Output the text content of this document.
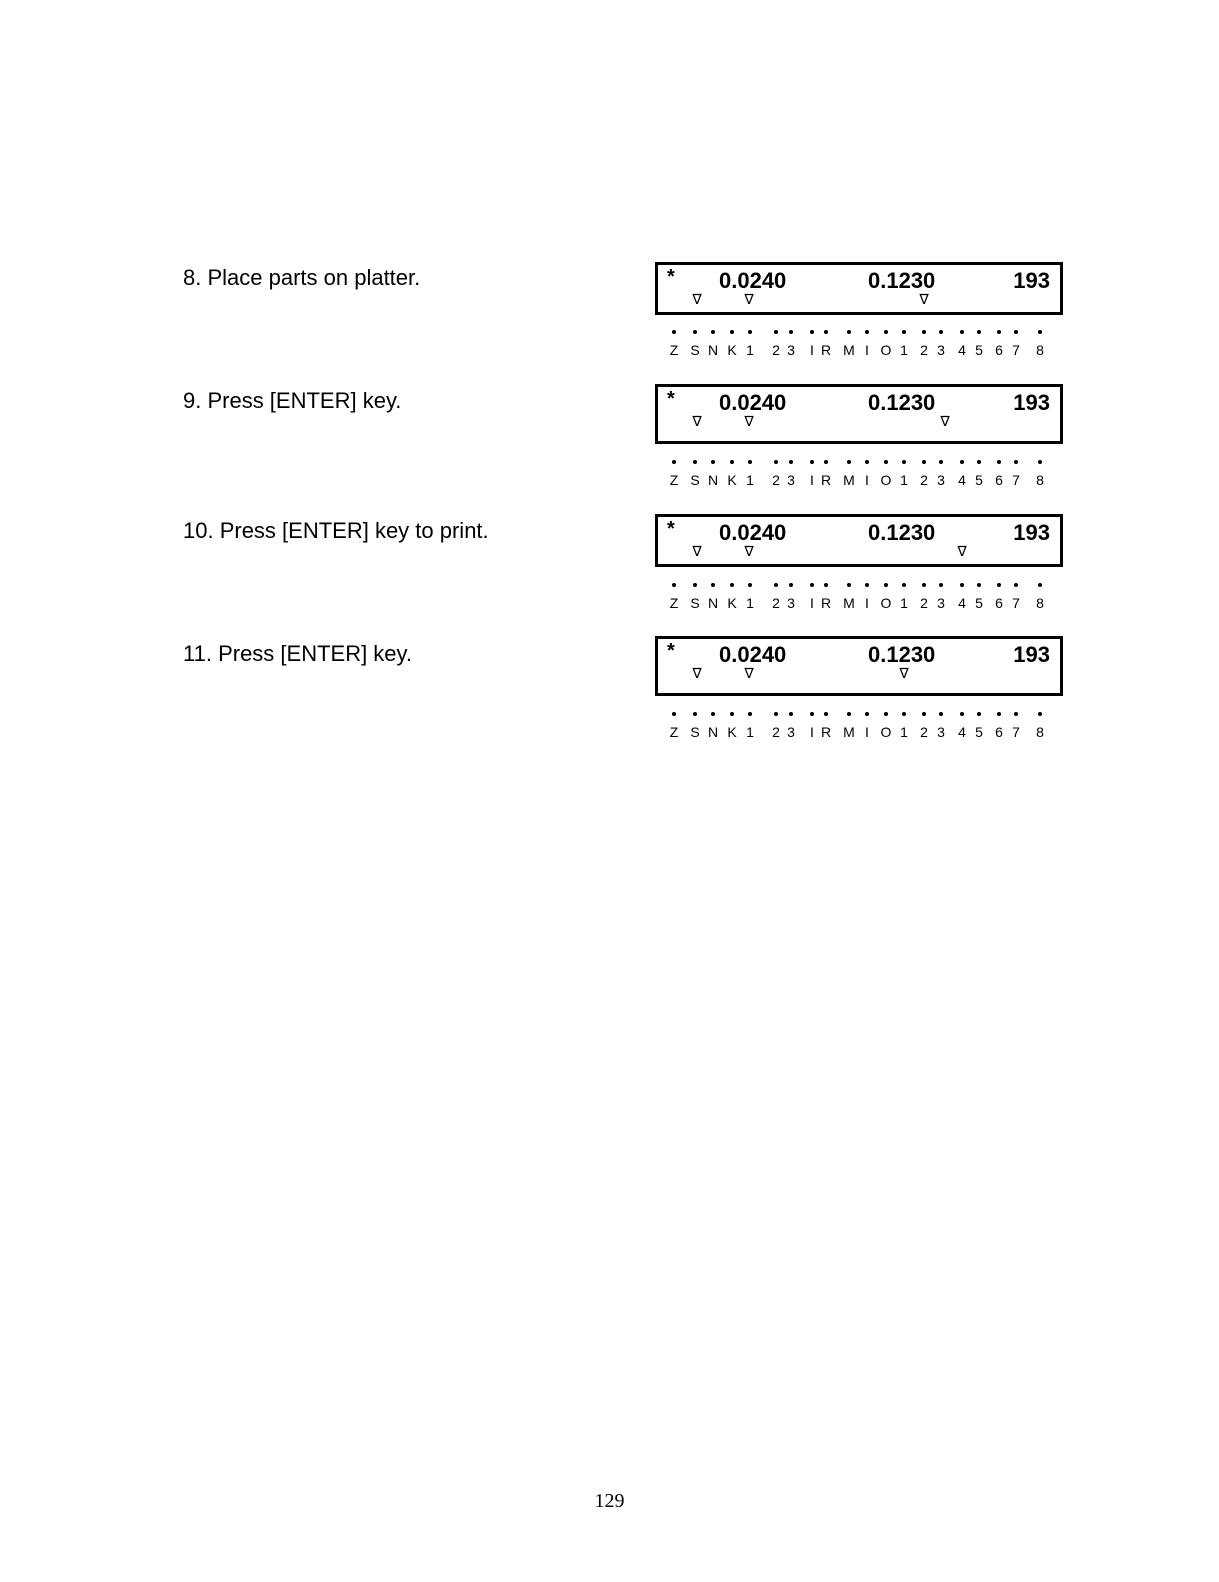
8. Place parts on platter.	* 0.0240	0.1230	193
∇	∇	∇
Z S N K 1 2 3 I R M I O 1 2 3 4 5 6 7 8
9. Press [ENTER] key.	* 0.0240	0.1230	193
∇	∇	∇
Z S N K 1 2 3 I R M I O 1 2 3 4 5 6 7 8
10. Press [ENTER] key to print.	* 0.0240	0.1230	193
∇	∇	∇
Z S N K 1 2 3 I R M I O 1 2 3 4 5 6 7 8
11. Press [ENTER] key.	* 0.0240	0.1230	193
∇	∇	∇
Z S N K 1 2 3 I R M I O 1 2 3 4 5 6 7 8
129
